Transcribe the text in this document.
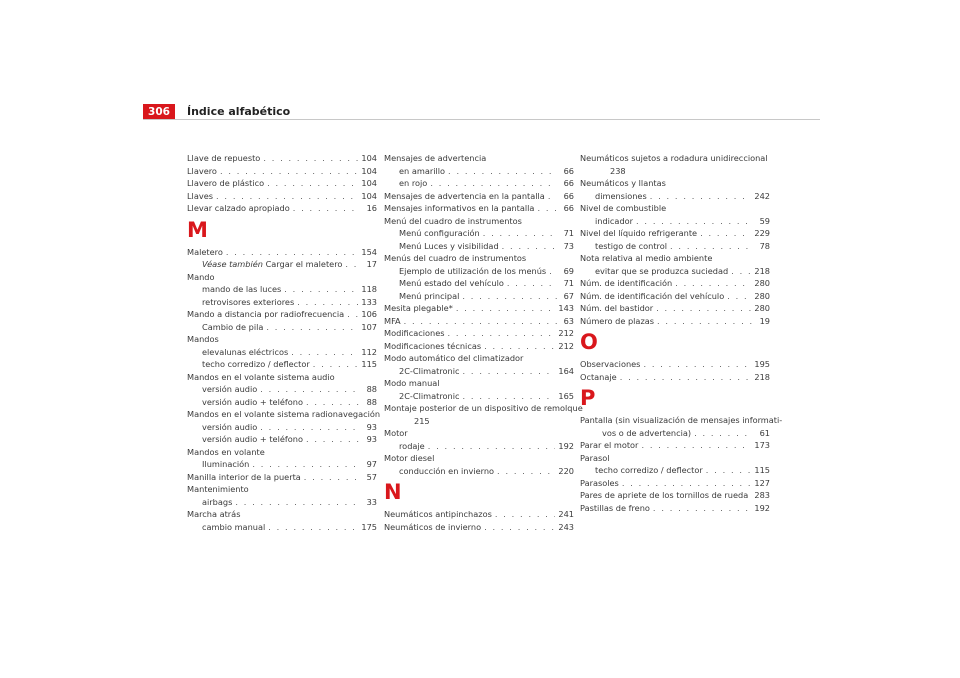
306	Índice alfabético
Llave de repuesto . . .	104
Llavero . . .	104
Llavero de plástico . . .	104
Llaves . . .	104
Llevar calzado apropiado . . .	16
M
Maletero . . .	154
Véase también Cargar el maletero . . .	17
Mando
mando de las luces . . .	118
retrovisores exteriores . . .	133
Mando a distancia por radiofrecuencia . . . 106
Cambio de pila . . .	107
Mandos
elevalunas eléctricos . . .	112
techo corredizo / deflector . . .	115
Mandos en el volante sistema audio
versión audio . . .	88
versión audio + teléfono . . .	88
Mandos en el volante sistema radionavegación
versión audio . . .	93
versión audio + teléfono . . .	93
Mandos en volante
Iluminación . . .	97
Manilla interior de la puerta . . .	57
Mantenimiento
airbags . . .	33
Marcha atrás
cambio manual . . .	175
Mensajes de advertencia
en amarillo . . .	66
en rojo . . .	66
Mensajes de advertencia en la pantalla . . .	66
Mensajes informativos en la pantalla . . .	66
Menú del cuadro de instrumentos
Menú configuración . . .	71
Menú Luces y visibilidad . . .	73
Menús del cuadro de instrumentos
Ejemplo de utilización de los menús . . .	69
Menú estado del vehículo . . .	71
Menú principal . . .	67
Mesita plegable* . . .	143
MFA . . .	63
Modificaciones . . .	212
Modificaciones técnicas . . .	212
Modo automático del climatizador
2C-Climatronic . . .	164
Modo manual
2C-Climatronic . . .	165
Montaje posterior de un dispositivo de remolque
215
Motor
rodaje . . .	192
Motor diesel
conducción en invierno . . .	220
N
Neumáticos antipinchazos . . .	241
Neumáticos de invierno . . .	243
Neumáticos sujetos a rodadura unidireccional
238
Neumáticos y llantas
dimensiones . . .	242
Nivel de combustible
indicador . . .	59
Nivel del líquido refrigerante . . .	229
testigo de control . . .	78
Nota relativa al medio ambiente
evitar que se produzca suciedad . . .	218
Núm. de identificación . . .	280
Núm. de identificación del vehículo . . .	280
Núm. del bastidor . . .	280
Número de plazas . . .	19
O
Observaciones . . .	195
Octanaje . . .	218
P
Pantalla (sin visualización de mensajes informati-
vos o de advertencia) . . .	61
Parar el motor . . .	173
Parasol
techo corredizo / deflector . . .	115
Parasoles . . .	127
Pares de apriete de los tornillos de rueda . . . 283
Pastillas de freno . . .	192
